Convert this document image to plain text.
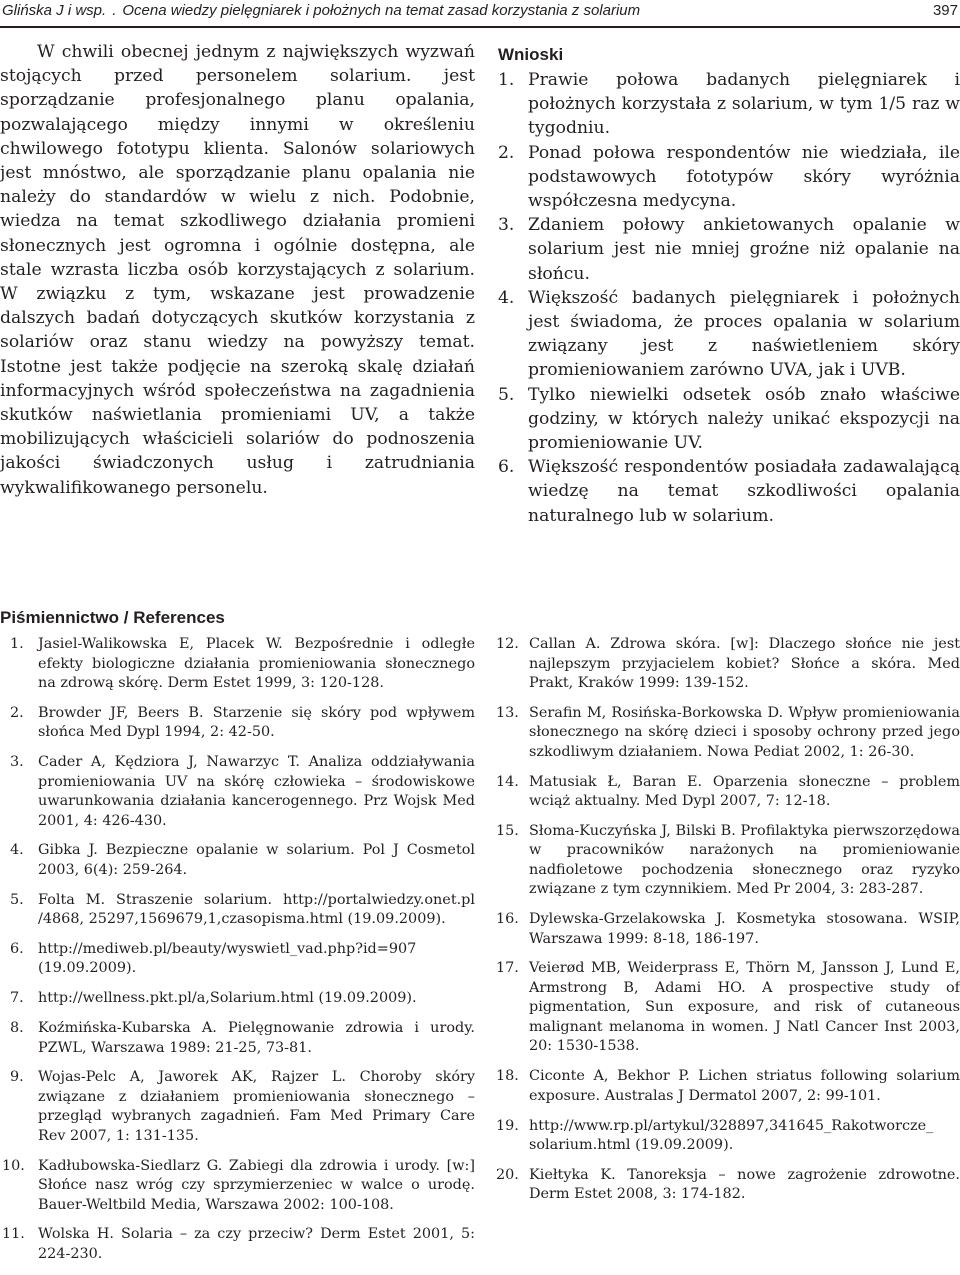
Glińska J i wsp. . Ocena wiedzy pielęgniarek i położnych na temat zasad korzystania z solarium	397

W chwili obecnej jednym z największych wyzwań stojących przed personelem solarium. jest sporządzanie profesjonalnego planu opalania, pozwalającego między innymi w określeniu chwilowego fototypu klienta. Salonów solariowych jest mnóstwo, ale sporządzanie planu opalania nie należy do standardów w wielu z nich. Podobnie, wiedza na temat szkodliwego działania promieni słonecznych jest ogromna i ogólnie dostępna, ale stale wzrasta liczba osób korzystających z solarium. W związku z tym, wskazane jest prowadzenie dalszych badań dotyczących skutków korzystania z solariów oraz stanu wiedzy na powyższy temat. Istotne jest także podjęcie na szeroką skalę działań informacyjnych wśród społeczeństwa na zagadnienia skutków naświetlania promieniami UV, a także mobilizujących właścicieli solariów do podnoszenia jakości świadczonych usług i zatrudniania wykwalifikowanego personelu.

Wnioski
1. Prawie połowa badanych pielęgniarek i położnych korzystała z solarium, w tym 1/5 raz w tygodniu.
2. Ponad połowa respondentów nie wiedziała, ile podstawowych fototypów skóry wyróżnia współczesna medycyna.
3. Zdaniem połowy ankietowanych opalanie w solarium jest nie mniej groźne niż opalanie na słońcu.
4. Większość badanych pielęgniarek i położnych jest świadoma, że proces opalania w solarium związany jest z naświetleniem skóry promieniowaniem zarówno UVA, jak i UVB.
5. Tylko niewielki odsetek osób znało właściwe godziny, w których należy unikać ekspozycji na promieniowanie UV.
6. Większość respondentów posiadała zadawalającą wiedzę na temat szkodliwości opalania naturalnego lub w solarium.
Piśmiennictwo / References
1. Jasiel-Walikowska E, Placek W. Bezpośrednie i odległe efekty biologiczne działania promieniowania słonecznego na zdrową skórę. Derm Estet 1999, 3: 120-128.
2. Browder JF, Beers B. Starzenie się skóry pod wpływem słońca Med Dypl 1994, 2: 42-50.
3. Cader A, Kędziora J, Nawarzyc T. Analiza oddziaływania promieniowania UV na skórę człowieka – środowiskowe uwarunkowania działania kancerogennego. Prz Wojsk Med 2001, 4: 426-430.
4. Gibka J. Bezpieczne opalanie w solarium. Pol J Cosmetol 2003, 6(4): 259-264.
5. Folta M. Straszenie solarium. http://portalwiedzy.onet.pl /4868, 25297,1569679,1,czasopisma.html (19.09.2009).
6. http://mediweb.pl/beauty/wyswietl_vad.php?id=907 (19.09.2009).
7. http://wellness.pkt.pl/a,Solarium.html (19.09.2009).
8. Koźmińska-Kubarska A. Pielęgnowanie zdrowia i urody. PZWL, Warszawa 1989: 21-25, 73-81.
9. Wojas-Pelc A, Jaworek AK, Rajzer L. Choroby skóry związane z działaniem promieniowania słonecznego – przegląd wybranych zagadnień. Fam Med Primary Care Rev 2007, 1: 131-135.
10. Kadłubowska-Siedlarz G. Zabiegi dla zdrowia i urody. [w:] Słońce nasz wróg czy sprzymierzeniec w walce o urodę. Bauer-Weltbild Media, Warszawa 2002: 100-108.
11. Wolska H. Solaria – za czy przeciw? Derm Estet 2001, 5: 224-230.
12. Callan A. Zdrowa skóra. [w]: Dlaczego słońce nie jest najlepszym przyjacielem kobiet? Słońce a skóra. Med Prakt, Kraków 1999: 139-152.
13. Serafin M, Rosińska-Borkowska D. Wpływ promieniowania słonecznego na skórę dzieci i sposoby ochrony przed jego szkodliwym działaniem. Nowa Pediat 2002, 1: 26-30.
14. Matusiak Ł, Baran E. Oparzenia słoneczne – problem wciąż aktualny. Med Dypl 2007, 7: 12-18.
15. Słoma-Kuczyńska J, Bilski B. Profilaktyka pierwszorzędowa w pracowników narażonych na promieniowanie nadfioletowe pochodzenia słonecznego oraz ryzyko związane z tym czynnikiem. Med Pr 2004, 3: 283-287.
16. Dylewska-Grzelakowska J. Kosmetyka stosowana. WSIP, Warszawa 1999: 8-18, 186-197.
17. Veierød MB, Weiderprass E, Thörn M, Jansson J, Lund E, Armstrong B, Adami HO. A prospective study of pigmentation, Sun exposure, and risk of cutaneous malignant melanoma in women. J Natl Cancer Inst 2003, 20: 1530-1538.
18. Ciconte A, Bekhor P. Lichen striatus following solarium exposure. Australas J Dermatol 2007, 2: 99-101.
19. http://www.rp.pl/artykul/328897,341645_Rakotworcze_ solarium.html (19.09.2009).
20. Kiełtyka K. Tanoreksja – nowe zagrożenie zdrowotne. Derm Estet 2008, 3: 174-182.
